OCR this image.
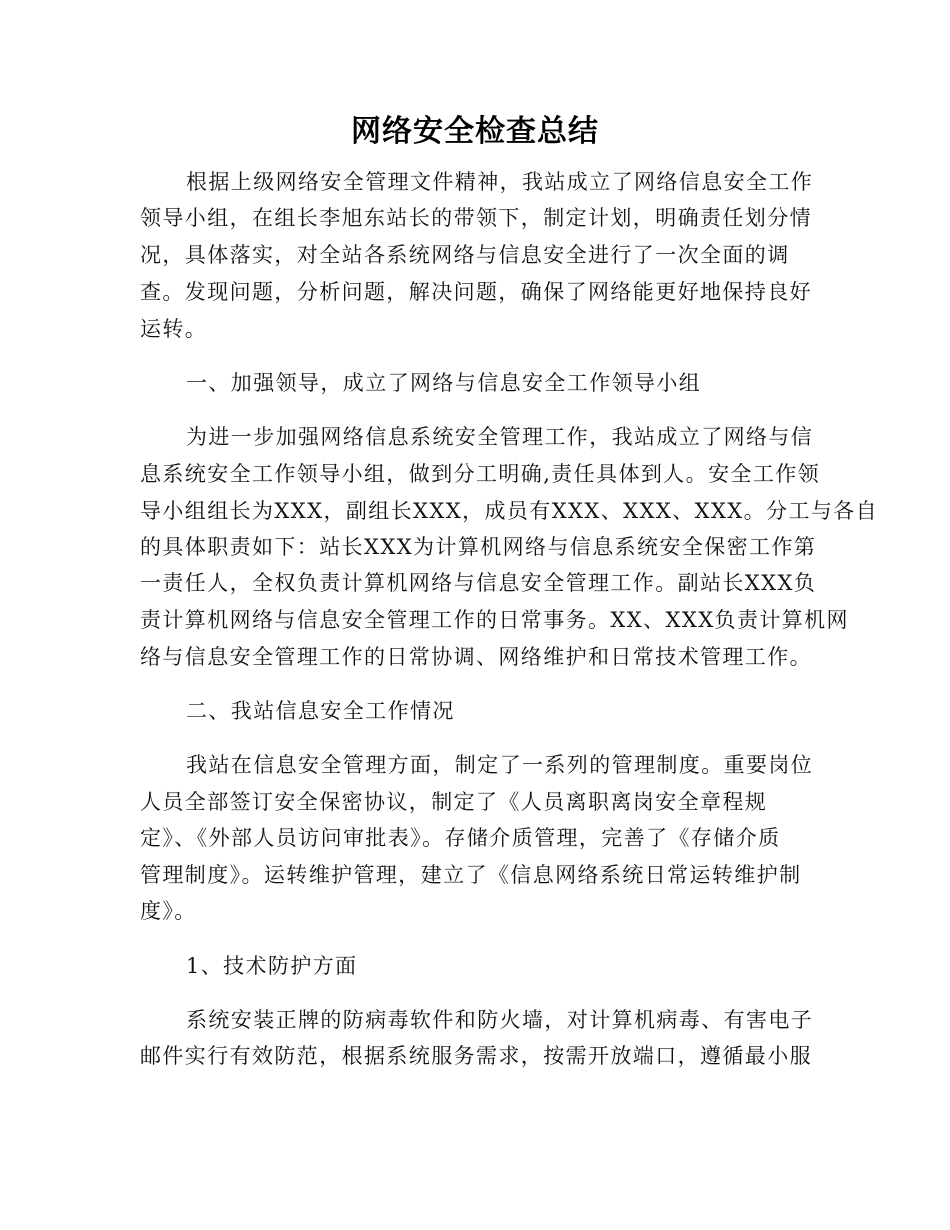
网络安全检查总结
根据上级网络安全管理文件精神，我站成立了网络信息安全工作
领导小组，在组长李旭东站长的带领下，制定计划，明确责任划分情
况，具体落实，对全站各系统网络与信息安全进行了一次全面的调
查。发现问题，分析问题，解决问题，确保了网络能更好地保持良好
运转。
一、加强领导，成立了网络与信息安全工作领导小组
为进一步加强网络信息系统安全管理工作，我站成立了网络与信
息系统安全工作领导小组，做到分工明确,责任具体到人。安全工作领
导小组组长为XXX，副组长XXX，成员有XXX、XXX、XXX。分工与各自
的具体职责如下：站长XXX为计算机网络与信息系统安全保密工作第
一责任人，全权负责计算机网络与信息安全管理工作。副站长XXX负
责计算机网络与信息安全管理工作的日常事务。XX、XXX负责计算机网
络与信息安全管理工作的日常协调、网络维护和日常技术管理工作。
二、我站信息安全工作情况
我站在信息安全管理方面，制定了一系列的管理制度。重要岗位
人员全部签订安全保密协议，制定了《人员离职离岗安全章程规
定》、《外部人员访问审批表》。存储介质管理，完善了《存储介质
管理制度》。运转维护管理，建立了《信息网络系统日常运转维护制
度》。
1、技术防护方面
系统安装正牌的防病毒软件和防火墙，对计算机病毒、有害电子
邮件实行有效防范，根据系统服务需求，按需开放端口，遵循最小服
